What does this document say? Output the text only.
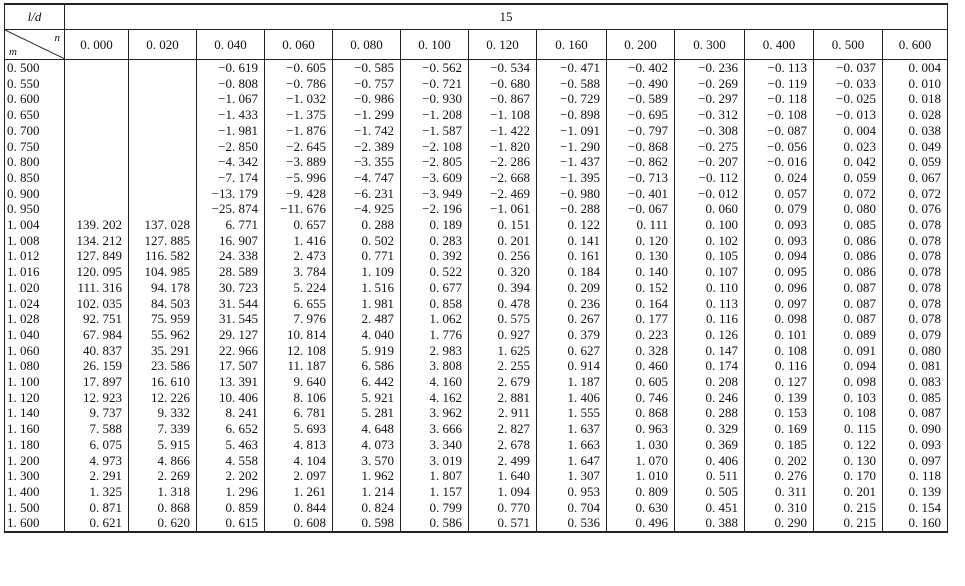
l/d	15												

n
m	0. 000	0. 020	0. 040	0. 060	0. 080	0. 100	0. 120	0. 160	0. 200	0. 300	0. 400	0. 500	0. 600
0. 500			−0. 619	−0. 605	−0. 585	−0. 562	−0. 534	−0. 471	−0. 402	−0. 236	−0. 113	−0. 037	0. 004
0. 550			−0. 808	−0. 786	−0. 757	−0. 721	−0. 680	−0. 588	−0. 490	−0. 269	−0. 119	−0. 033	0. 010
0. 600			−1. 067	−1. 032	−0. 986	−0. 930	−0. 867	−0. 729	−0. 589	−0. 297	−0. 118	−0. 025	0. 018
0. 650			−1. 433	−1. 375	−1. 299	−1. 208	−1. 108	−0. 898	−0. 695	−0. 312	−0. 108	−0. 013	0. 028
0. 700			−1. 981	−1. 876	−1. 742	−1. 587	−1. 422	−1. 091	−0. 797	−0. 308	−0. 087	0. 004	0. 038
0. 750			−2. 850	−2. 645	−2. 389	−2. 108	−1. 820	−1. 290	−0. 868	−0. 275	−0. 056	0. 023	0. 049
0. 800			−4. 342	−3. 889	−3. 355	−2. 805	−2. 286	−1. 437	−0. 862	−0. 207	−0. 016	0. 042	0. 059
0. 850			−7. 174	−5. 996	−4. 747	−3. 609	−2. 668	−1. 395	−0. 713	−0. 112	0. 024	0. 059	0. 067
0. 900			−13. 179	−9. 428	−6. 231	−3. 949	−2. 469	−0. 980	−0. 401	−0. 012	0. 057	0. 072	0. 072
0. 950			−25. 874	−11. 676	−4. 925	−2. 196	−1. 061	−0. 288	−0. 067	0. 060	0. 079	0. 080	0. 076
1. 004	139. 202	137. 028	6. 771	0. 657	0. 288	0. 189	0. 151	0. 122	0. 111	0. 100	0. 093	0. 085	0. 078
1. 008	134. 212	127. 885	16. 907	1. 416	0. 502	0. 283	0. 201	0. 141	0. 120	0. 102	0. 093	0. 086	0. 078
1. 012	127. 849	116. 582	24. 338	2. 473	0. 771	0. 392	0. 256	0. 161	0. 130	0. 105	0. 094	0. 086	0. 078
1. 016	120. 095	104. 985	28. 589	3. 784	1. 109	0. 522	0. 320	0. 184	0. 140	0. 107	0. 095	0. 086	0. 078
1. 020	111. 316	94. 178	30. 723	5. 224	1. 516	0. 677	0. 394	0. 209	0. 152	0. 110	0. 096	0. 087	0. 078
1. 024	102. 035	84. 503	31. 544	6. 655	1. 981	0. 858	0. 478	0. 236	0. 164	0. 113	0. 097	0. 087	0. 078
1. 028	92. 751	75. 959	31. 545	7. 976	2. 487	1. 062	0. 575	0. 267	0. 177	0. 116	0. 098	0. 087	0. 078
1. 040	67. 984	55. 962	29. 127	10. 814	4. 040	1. 776	0. 927	0. 379	0. 223	0. 126	0. 101	0. 089	0. 079
1. 060	40. 837	35. 291	22. 966	12. 108	5. 919	2. 983	1. 625	0. 627	0. 328	0. 147	0. 108	0. 091	0. 080
1. 080	26. 159	23. 586	17. 507	11. 187	6. 586	3. 808	2. 255	0. 914	0. 460	0. 174	0. 116	0. 094	0. 081
1. 100	17. 897	16. 610	13. 391	9. 640	6. 442	4. 160	2. 679	1. 187	0. 605	0. 208	0. 127	0. 098	0. 083
1. 120	12. 923	12. 226	10. 406	8. 106	5. 921	4. 162	2. 881	1. 406	0. 746	0. 246	0. 139	0. 103	0. 085
1. 140	9. 737	9. 332	8. 241	6. 781	5. 281	3. 962	2. 911	1. 555	0. 868	0. 288	0. 153	0. 108	0. 087
1. 160	7. 588	7. 339	6. 652	5. 693	4. 648	3. 666	2. 827	1. 637	0. 963	0. 329	0. 169	0. 115	0. 090
1. 180	6. 075	5. 915	5. 463	4. 813	4. 073	3. 340	2. 678	1. 663	1. 030	0. 369	0. 185	0. 122	0. 093
1. 200	4. 973	4. 866	4. 558	4. 104	3. 570	3. 019	2. 499	1. 647	1. 070	0. 406	0. 202	0. 130	0. 097
1. 300	2. 291	2. 269	2. 202	2. 097	1. 962	1. 807	1. 640	1. 307	1. 010	0. 511	0. 276	0. 170	0. 118
1. 400	1. 325	1. 318	1. 296	1. 261	1. 214	1. 157	1. 094	0. 953	0. 809	0. 505	0. 311	0. 201	0. 139
1. 500	0. 871	0. 868	0. 859	0. 844	0. 824	0. 799	0. 770	0. 704	0. 630	0. 451	0. 310	0. 215	0. 154
1. 600	0. 621	0. 620	0. 615	0. 608	0. 598	0. 586	0. 571	0. 536	0. 496	0. 388	0. 290	0. 215	0. 160
